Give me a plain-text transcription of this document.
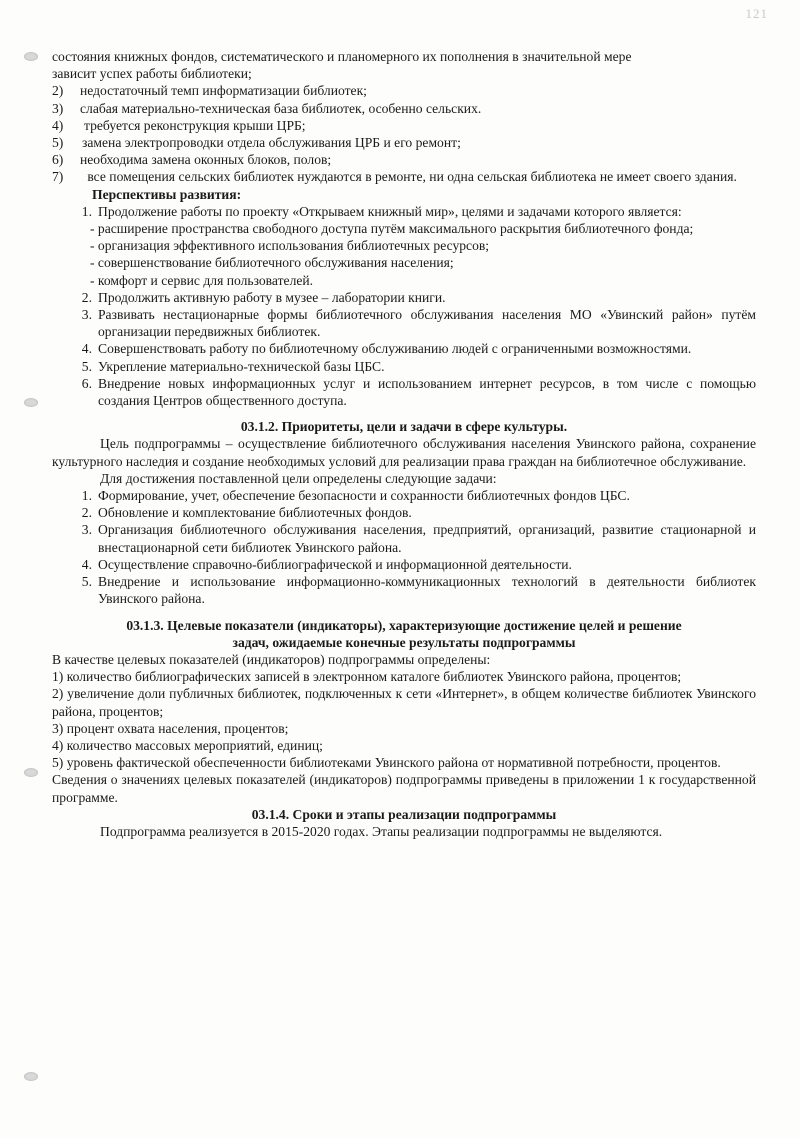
121

состояния книжных фондов, систематического и планомерного их пополнения в значительной мере
зависит успех работы библиотеки;

2)	недостаточный темп информатизации библиотек;
3)	слабая материально-техническая база библиотек, особенно сельских.
4)	требуется реконструкция крыши ЦРБ;
5)	замена электропроводки отдела обслуживания ЦРБ и его ремонт;
6)	необходима замена оконных блоков, полов;

7) все помещения сельских библиотек нуждаются в ремонте, ни одна сельская библиотека не имеет своего здания.

Перспективы развития:

1. Продолжение работы по проекту «Открываем книжный мир», целями и задачами которого является:

- расширение пространства свободного доступа путём максимального раскрытия библиотечного фонда;

- организация эффективного использования библиотечных ресурсов;

- совершенствование библиотечного обслуживания населения;

- комфорт и сервис для пользователей.

2. Продолжить активную работу в музее – лаборатории книги.
3. Развивать нестационарные формы библиотечного обслуживания населения МО «Увинский район» путём организации передвижных библиотек.
4. Совершенствовать работу по библиотечному обслуживанию людей с ограниченными возможностями.
5. Укрепление материально-технической базы ЦБС.
6. Внедрение новых информационных услуг и использованием интернет ресурсов, в том числе с помощью создания Центров общественного доступа.

03.1.2. Приоритеты, цели и задачи в сфере культуры.

Цель подпрограммы – осуществление библиотечного обслуживания населения Увинского района, сохранение культурного наследия и создание необходимых условий для реализации права граждан на библиотечное обслуживание.

Для достижения поставленной цели определены следующие задачи:

1. Формирование, учет, обеспечение безопасности и сохранности библиотечных фондов ЦБС.
2. Обновление и комплектование библиотечных фондов.
3. Организация библиотечного обслуживания населения, предприятий, организаций, развитие стационарной и внестационарной сети библиотек Увинского района.
4. Осуществление справочно-библиографической и информационной деятельности.
5. Внедрение и использование информационно-коммуникационных технологий в деятельности библиотек Увинского района.

03.1.3. Целевые показатели (индикаторы), характеризующие достижение целей и решение
задач, ожидаемые конечные результаты подпрограммы

В качестве целевых показателей (индикаторов) подпрограммы определены:

1) количество библиографических записей в электронном каталоге библиотек Увинского района, процентов;

2) увеличение доли публичных библиотек, подключенных к сети «Интернет», в общем количестве библиотек Увинского района, процентов;

3) процент охвата населения, процентов;

4) количество массовых мероприятий, единиц;

5) уровень фактической обеспеченности библиотеками Увинского района от нормативной потребности, процентов.

Сведения о значениях целевых показателей (индикаторов) подпрограммы приведены в приложении 1 к государственной программе.

03.1.4. Сроки и этапы реализации подпрограммы

Подпрограмма реализуется в 2015-2020 годах. Этапы реализации подпрограммы не выделяются.
